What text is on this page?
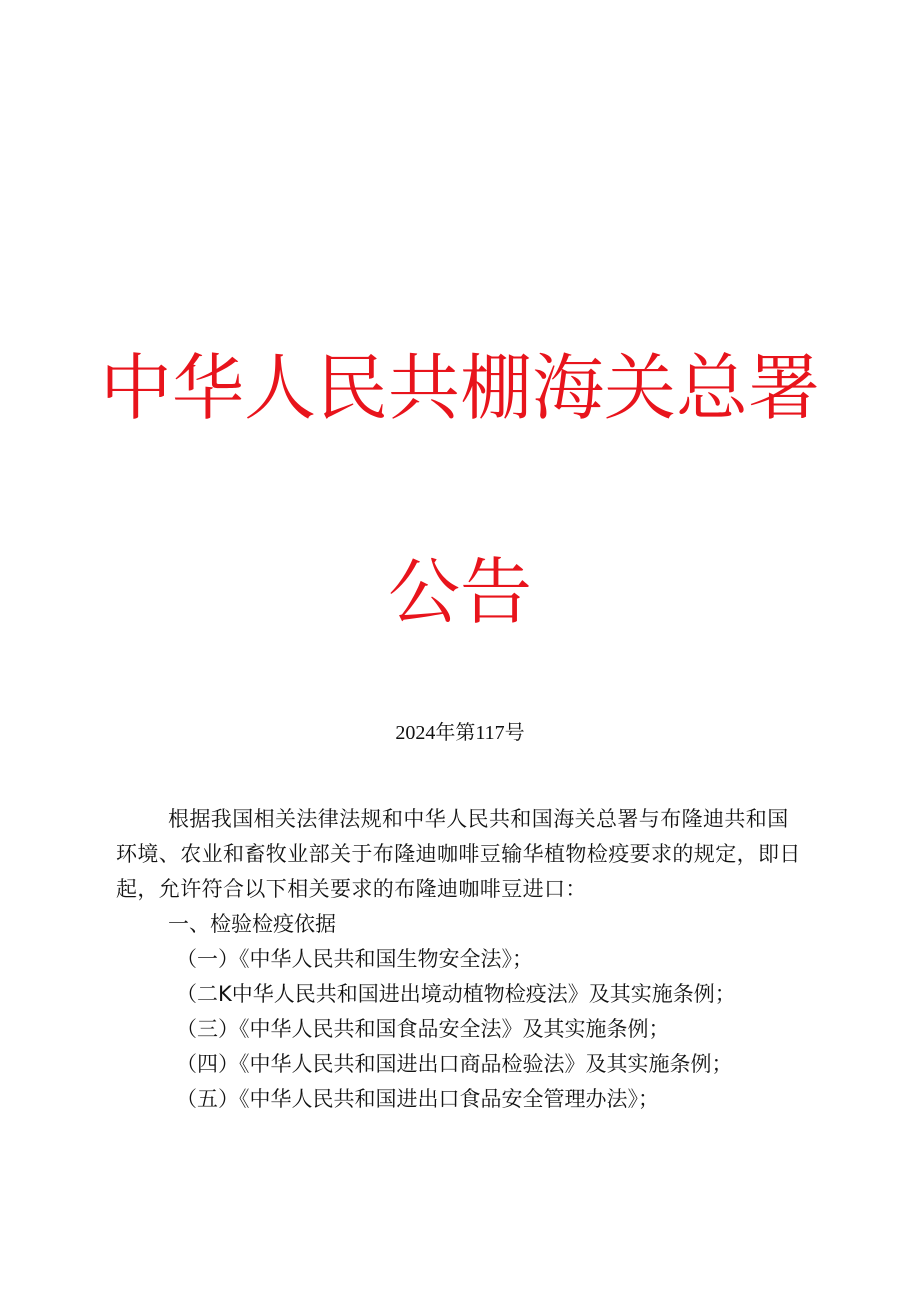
中华人民共棚海关总署
公告
2024年第117号

根据我国相关法律法规和中华人民共和国海关总署与布隆迪共和国环境、农业和畜牧业部关于布隆迪咖啡豆输华植物检疫要求的规定，即日起，允许符合以下相关要求的布隆迪咖啡豆进口：

一、检验检疫依据

（一）《中华人民共和国生物安全法》；

（二K中华人民共和国进出境动植物检疫法》及其实施条例；

（三）《中华人民共和国食品安全法》及其实施条例；

（四）《中华人民共和国进出口商品检验法》及其实施条例；

（五）《中华人民共和国进出口食品安全管理办法》；
